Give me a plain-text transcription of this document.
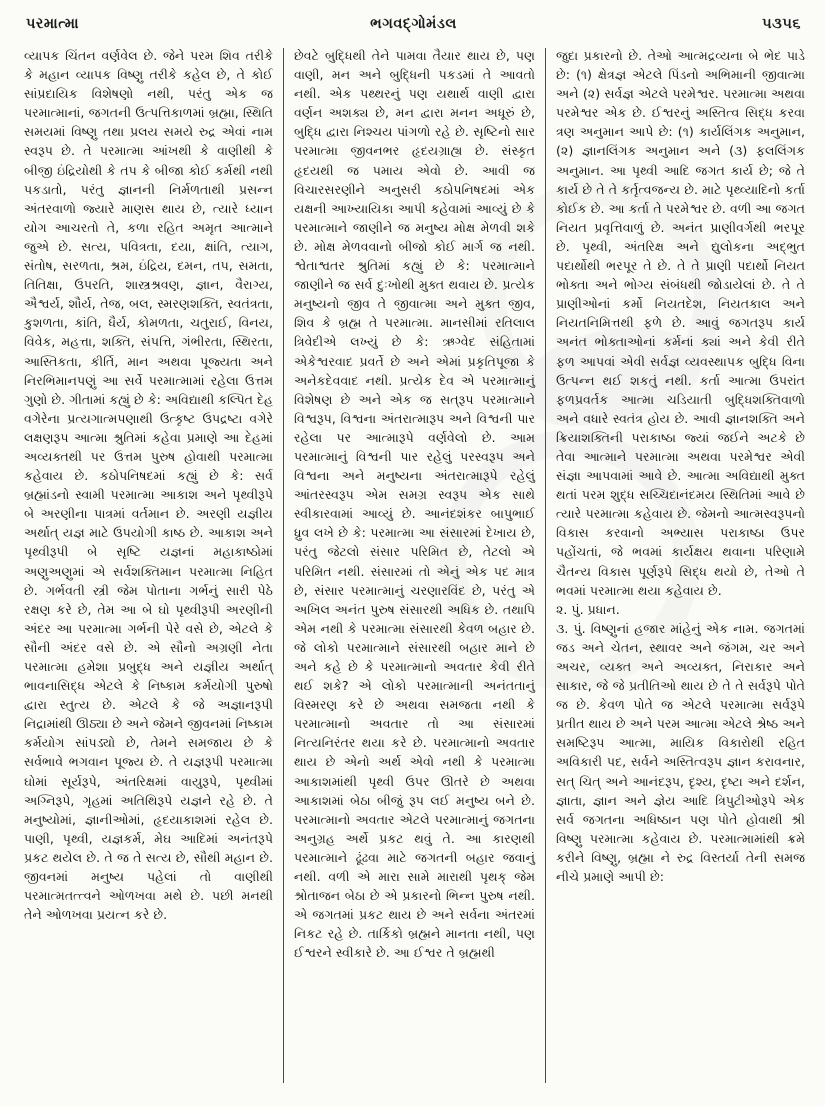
પરમાત્મા	ભગવદ્ગોમંડલ	૫૩૫૬

વ્યાપક ચિંતન વર્ણવેલ છે. જેને પરમ શિવ તરીકે કે મહાન વ્યાપક વિષ્ણુ તરીકે કહેલ છે, તે કોઈ સાંપ્રદાયિક વિશેષણો નથી, પરંતુ એક જ પરમાત્માનાં, જગતની ઉત્પત્તિકાળમાં બ્રહ્મા, સ્થિતિ સમયમાં વિષ્ણુ તથા પ્રલય સમયે રુદ્ર એવાં નામ સ્વરૂપ છે. તે પરમાત્મા આંખથી કે વાણીથી કે બીજી ઇંદ્રિયોથી કે તપ કે બીજા કોઈ કર્મથી નથી પકડાતો, પરંતુ જ્ઞાનની નિર્મળતાથી પ્રસન્ન અંતરવાળો જ્યારે માણસ થાય છે, ત્યારે ધ્યાન યોગ આચરતો તે, કળા રહિત અમૃત આત્માને જુએ છે. સત્ય, પવિત્રતા, દયા, ક્ષાંતિ, ત્યાગ, સંતોષ, સરળતા, શ્રમ, ઇંદ્રિય, દમન, તપ, સમતા, તિતિક્ષા, ઉપરતિ, શાસ્ત્રશ્રવણ, જ્ઞાન, વૈરાગ્ય, ઐશ્વર્ય, શૌર્ય, તેજ, બલ, સ્મરણશક્તિ, સ્વતંત્રતા, કુશળતા, કાંતિ, ધૈર્ય, કોમળતા, ચતુરાઈ, વિનય, વિવેક, મહત્તા, શક્તિ, સંપત્તિ, ગંભીરતા, સ્થિરતા, આસ્તિકતા, કીર્તિ, માન અથવા પૂજ્યતા અને નિરભિમાનપણું આ સર્વે પરમાત્મામાં રહેલા ઉત્તમ ગુણો છે. ગીતામાં કહ્યું છે કે: અવિદ્યાથી કલ્પિત દેહ વગેરેના પ્રત્યગાત્મપણાથી ઉત્કૃષ્ટ ઉપદ્રષ્ટા વગેરે લક્ષણરૂપ આત્મા શ્રુતિમાં કહેવા પ્રમાણે આ દેહમાં અવ્યક્તથી પર ઉત્તમ પુરુષ હોવાથી પરમાત્મા કહેવાય છે. કઠોપનિષદમાં કહ્યું છે કે: સર્વ બ્રહ્માંડનો સ્વામી પરમાત્મા આકાશ અને પૃથ્વીરૂપે બે અરણીના પાત્રમાં વર્તમાન છે. અરણી યજ્ઞીય અર્થાત્ યજ્ઞ માટે ઉપયોગી કાષ્ઠ છે. આકાશ અને પૃથ્વીરૂપી બે સૃષ્ટિ યજ્ઞનાં મહાકાષ્ઠોમાં અણુઅણુમાં એ સર્વશક્તિમાન પરમાત્મા નિહિત છે. ગર્ભવતી સ્ત્રી જેમ પોતાના ગર્ભનું સારી પેઠે રક્ષણ કરે છે, તેમ આ બે ઘો પૃથ્વીરૂપી અરણીની અંદર આ પરમાત્મા ગર્ભની પેરે વસે છે, એટલે કે સૌની અંદર વસે છે. એ સૌનો અગ્રણી નેતા પરમાત્મા હમેશા પ્રબુદ્ધ અને યજ્ઞીય અર્થાત્ ભાવનાસિદ્ધ એટલે કે નિષ્કામ કર્મયોગી પુરુષો દ્વારા સ્તુત્ય છે. એટલે કે જે અજ્ઞાનરૂપી નિદ્રામાંથી ઊઠ્યા છે અને જેમને જીવનમાં નિષ્કામ કર્મયોગ સાંપડ્યો છે, તેમને સમજાય છે કે સર્વભાવે ભગવાન પૂજ્ય છે. તે યજ્ઞરૂપી પરમાત્મા ઘોમાં સૂર્યરૂપે, અંતરિક્ષમાં વાયુરૂપે, પૃથ્વીમાં અગ્નિરૂપે, ગૃહમાં અતિથિરૂપે યજ્ઞને રહે છે. તે મનુષ્યોમાં, જ્ઞાનીઓમાં, હૃદયાકાશમાં રહેલ છે. પાણી, પૃથ્વી, યજ્ઞકર્મ, મેઘ આદિમાં અનંતરૂપે પ્રકટ થયેલ છે. તે જ તે સત્ય છે, સૌથી મહાન છે. જીવનમાં મનુષ્ય પહેલાં તો વાણીથી પરમાત્મતત્ત્વને ઓળખવા મથે છે. પછી મનથી તેને ઓળખવા પ્રયત્ન કરે છે.

છેવટે બુદ્ધિથી તેને પામવા તૈયાર થાય છે, પણ વાણી, મન અને બુદ્ધિની પકડમાં તે આવતો નથી. એક પથ્થરનું પણ યથાર્થ વાણી દ્વારા વર્ણન અશક્ય છે, મન દ્વારા મનન અધૂરું છે, બુદ્ધિ દ્વારા નિશ્ચય પાંગળો રહે છે. સૃષ્ટિનો સાર પરમાત્મા જીવનભર હૃદયગ્રાહ્ય છે. સંસ્કૃત હૃદયથી જ પમાય એવો છે. આવી જ વિચારસરણીને અનુસરી કઠોપનિષદમાં એક યક્ષની આખ્યાયિકા આપી કહેવામાં આવ્યું છે કે પરમાત્માને જાણીને જ મનુષ્ય મોક્ષ મેળવી શકે છે. મોક્ષ મેળવવાનો બીજો કોઈ માર્ગ જ નથી. શ્વેતાશ્વતર શ્રુતિમાં કહ્યું છે કે: પરમાત્માને જાણીને જ સર્વ દુઃખોથી મુક્ત થવાય છે. પ્રત્યેક મનુષ્યનો જીવ તે જીવાત્મા અને મુક્ત જીવ, શિવ કે બ્રહ્મ તે પરમાત્મા. માનસીમાં રતિલાલ ત્રિવેદીએ લખ્યું છે કે: ઋગ્વેદ સંહિતામાં એકેશ્વરવાદ પ્રવર્તે છે અને એમાં પ્રકૃતિપૂજા કે અનેકદેવવાદ નથી. પ્રત્યેક દેવ એ પરમાત્માનું વિશેષણ છે અને એક જ સત્‌રૂપ પરમાત્માને વિશ્વરૂપ, વિશ્વના અંતરાત્મારૂપ અને વિશ્વની પાર રહેલા પર આત્મારૂપે વર્ણવેલો છે. આમ પરમાત્માનું વિશ્વની પાર રહેલું પરસ્વરૂપ અને વિશ્વના અને મનુષ્યના અંતરાત્મારૂપે રહેલું આંતરસ્વરૂપ એમ સમગ્ર સ્વરૂપ એક સાથે સ્વીકારવામાં આવ્યું છે. આનંદશંકર બાપુભાઈ ધ્રુવ લખે છે કે: પરમાત્મા આ સંસારમાં દેખાય છે, પરંતુ જેટલો સંસાર પરિમિત છે, તેટલો એ પરિમિત નથી. સંસારમાં તો એનું એક પદ માત્ર છે, સંસાર પરમાત્માનું ચરણારવિંદ છે, પરંતુ એ અખિલ અનંત પુરુષ સંસારથી અધિક છે. તથાપિ એમ નથી કે પરમાત્મા સંસારથી કેવળ બહાર છે. જે લોકો પરમાત્માને સંસારથી બહાર માને છે અને કહે છે કે પરમાત્માનો અવતાર કેવી રીતે થઈ શકે? એ લોકો પરમાત્માની અનંતતાનું વિસ્મરણ કરે છે અથવા સમજતા નથી કે પરમાત્માનો અવતાર તો આ સંસારમાં નિત્યનિરંતર થયા કરે છે. પરમાત્માનો અવતાર થાય છે એનો અર્થ એવો નથી કે પરમાત્મા આકાશમાંથી પૃથ્વી ઉપર ઊતરે છે અથવા આકાશમાં બેઠા બીજું રૂપ લઈ મનુષ્ય બને છે. પરમાત્માનો અવતાર એટલે પરમાત્માનું જગતના અનુગ્રહ અર્થે પ્રકટ થવું તે. આ કારણથી પરમાત્માને ઢૂંઢવા માટે જગતની બહાર જવાનું નથી. વળી એ મારા સામે મારાથી પૃથક્ જેમ શ્રોતાજન બેઠા છે એ પ્રકારનો ભિન્ન પુરુષ નથી. એ જગતમાં પ્રકટ થાય છે અને સર્વના અંતરમાં નિકટ રહે છે. તાર્કિકો બ્રહ્મને માનતા નથી, પણ ઈશ્વરને સ્વીકારે છે. આ ઈશ્વર તે બ્રહ્મથી

જુદા પ્રકારનો છે. તેઓ આત્મદ્રવ્યના બે ભેદ પાડે છે: (૧) ક્ષેત્રજ્ઞ એટલે પિંડનો અભિમાની જીવાત્મા અને (૨) સર્વજ્ઞ એટલે પરમેશ્વર. પરમાત્મા અથવા પરમેશ્વર એક છે. ઈશ્વરનું અસ્તિત્વ સિદ્ધ કરવા ત્રણ અનુમાન આપે છે: (૧) કાર્યલિંગક અનુમાન, (૨) જ્ઞાનલિંગક અનુમાન અને (૩) ફલલિંગક અનુમાન. આ પૃથ્વી આદિ જગત કાર્ય છે; જે તે કાર્ય છે તે તે કર્તૃત્વજન્ય છે. માટે પૃથ્વ્યાદિનો કર્તા કોઈક છે. આ કર્તા તે પરમેશ્વર છે. વળી આ જગત નિયત પ્રવૃત્તિવાળું છે. અનંત પ્રાણીવર્ગથી ભરપૂર છે. પૃથ્વી, અંતરિક્ષ અને દ્યુલોકના અદ્ભુત પદાર્થોથી ભરપૂર તે છે. તે તે પ્રાણી પદાર્થો નિયત ભોક્તા અને ભોગ્ય સંબંધથી જોડાયેલાં છે. તે તે પ્રાણીઓનાં કર્મો નિયતદેશ, નિયતકાલ અને નિયતનિમિત્તથી ફળે છે. આવું જગતરૂપ કાર્ય અનંત ભોક્તાઓનાં કર્મનાં ક્યાં અને કેવી રીતે ફળ આપવાં એવી સર્વજ્ઞ વ્યવસ્થાપક બુદ્ધિ વિના ઉત્પન્ન થઈ શકતું નથી. કર્તા આત્મા ઉપરાંત ફળપ્રવર્તક આત્મા ચડિયાતી બુદ્ધિશક્તિવાળો અને વધારે સ્વતંત્ર હોય છે. આવી જ્ઞાનશક્તિ અને ક્રિયાશક્તિની પરાકાષ્ઠા જ્યાં જઈને અટકે છે તેવા આત્માને પરમાત્મા અથવા પરમેશ્વર એવી સંજ્ઞા આપવામાં આવે છે. આત્મા અવિદ્યાથી મુક્ત થતાં પરમ શુદ્ધ સચ્ચિદાનંદમય સ્થિતિમાં આવે છે ત્યારે પરમાત્મા કહેવાય છે. જેમનો આત્મસ્વરૂપનો વિકાસ કરવાનો અભ્યાસ પરાકાષ્ઠા ઉપર પહોંચતાં, જે ભવમાં કાર્યક્ષય થવાના પરિણામે ચૈતન્ય વિકાસ પૂર્ણરૂપે સિદ્ધ થયો છે, તેઓ તે ભવમાં પરમાત્મા થયા કહેવાય છે.

૨. પું. પ્રધાન.

૩. પું. વિષ્ણુનાં હજાર માંહેનું એક નામ. જગતમાં જડ અને ચેતન, સ્થાવર અને જંગમ, ચર અને અચર, વ્યક્ત અને અવ્યક્ત, નિરાકાર અને સાકાર, જે જે પ્રતીતિઓ થાય છે તે તે સર્વરૂપે પોતે જ છે. કેવળ પોતે જ એટલે પરમાત્મા સર્વરૂપે પ્રતીત થાય છે અને પરમ આત્મા એટલે શ્રેષ્ઠ અને સમષ્ટિરૂપ આત્મા, માયિક વિકારોથી રહિત અવિકારી પદ, સર્વને અસ્તિત્વરૂપ જ્ઞાન કરાવનાર, સત્ ચિત્ અને આનંદરૂપ, દૃશ્ય, દૃષ્ટા અને દર્શન, જ્ઞાતા, જ્ઞાન અને જ્ઞેય આદિ ત્રિપુટીઓરૂપે એક સર્વ જગતના અધિષ્ઠાન પણ પોતે હોવાથી શ્રી વિષ્ણુ પરમાત્મા કહેવાય છે. પરમાત્મામાંથી ક્રમે કરીને વિષ્ણુ, બ્રહ્મા ને રુદ્ર વિસ્તર્યા તેની સમજ નીચે પ્રમાણે આપી છે:
